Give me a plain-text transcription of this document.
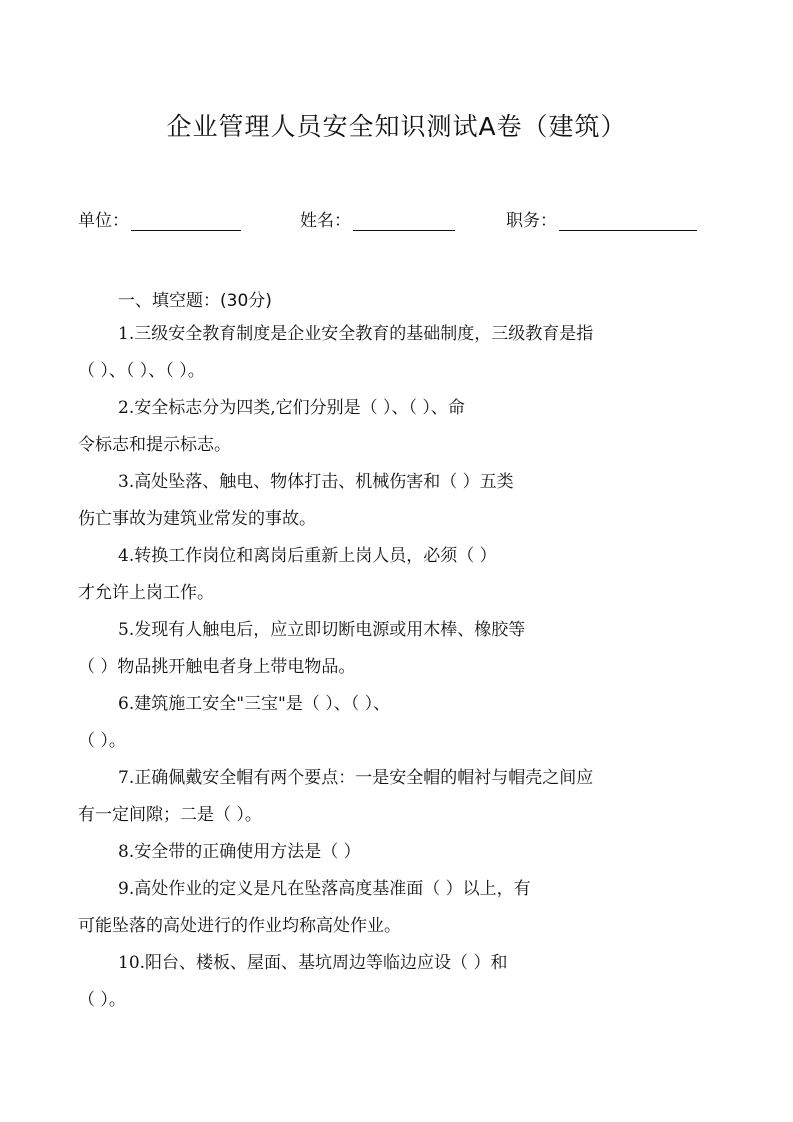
企业管理人员安全知识测试A卷（建筑）
单位：	姓名：	职务：
一、填空题：(30分)

1.三级安全教育制度是企业安全教育的基础制度，三级教育是指
（ ）、（ ）、（ ）。

2.安全标志分为四类,它们分别是（ ）、（ ）、命
令标志和提示标志。

3.高处坠落、触电、物体打击、机械伤害和（ ）五类
伤亡事故为建筑业常发的事故。

4.转换工作岗位和离岗后重新上岗人员，必须（ ）
才允许上岗工作。

5.发现有人触电后，应立即切断电源或用木棒、橡胶等
（ ）物品挑开触电者身上带电物品。

6.建筑施工安全"三宝"是（ ）、（ ）、
（ ）。

7.正确佩戴安全帽有两个要点：一是安全帽的帽衬与帽壳之间应
有一定间隙；二是（ ）。

8.安全带的正确使用方法是（ ）

9.高处作业的定义是凡在坠落高度基准面（ ）以上，有
可能坠落的高处进行的作业均称高处作业。

10.阳台、楼板、屋面、基坑周边等临边应设（ ）和
（ ）。
